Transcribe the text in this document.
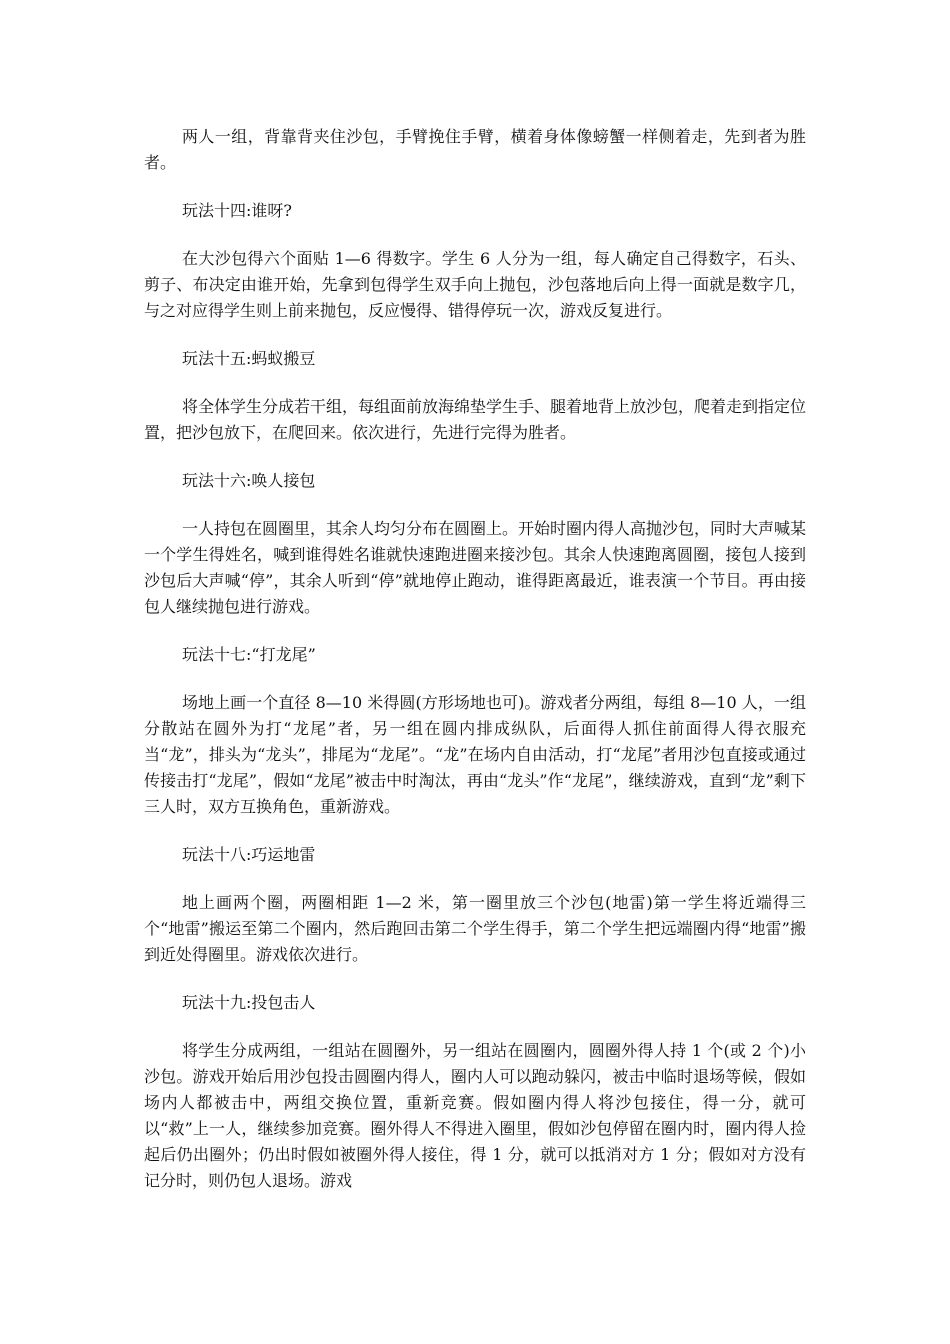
两人一组，背靠背夹住沙包，手臂挽住手臂，横着身体像螃蟹一样侧着走，先到者为胜者。

玩法十四:谁呀?

在大沙包得六个面贴 1—6 得数字。学生 6 人分为一组，每人确定自己得数字，石头、剪子、布决定由谁开始，先拿到包得学生双手向上抛包，沙包落地后向上得一面就是数字几，与之对应得学生则上前来抛包，反应慢得、错得停玩一次，游戏反复进行。

玩法十五:蚂蚁搬豆

将全体学生分成若干组，每组面前放海绵垫学生手、腿着地背上放沙包，爬着走到指定位置，把沙包放下，在爬回来。依次进行，先进行完得为胜者。

玩法十六:唤人接包

一人持包在圆圈里，其余人均匀分布在圆圈上。开始时圈内得人高抛沙包，同时大声喊某一个学生得姓名，喊到谁得姓名谁就快速跑进圈来接沙包。其余人快速跑离圆圈，接包人接到沙包后大声喊“停”，其余人听到“停”就地停止跑动，谁得距离最近，谁表演一个节目。再由接包人继续抛包进行游戏。

玩法十七:“打龙尾”

场地上画一个直径 8—10 米得圆(方形场地也可)。游戏者分两组，每组 8—10 人，一组分散站在圆外为打“龙尾”者，另一组在圆内排成纵队，后面得人抓住前面得人得衣服充当“龙”，排头为“龙头”，排尾为“龙尾”。“龙”在场内自由活动，打“龙尾”者用沙包直接或通过传接击打“龙尾”，假如“龙尾”被击中时淘汰，再由“龙头”作“龙尾”，继续游戏，直到“龙”剩下三人时，双方互换角色，重新游戏。

玩法十八:巧运地雷

地上画两个圈，两圈相距 1—2 米，第一圈里放三个沙包(地雷)第一学生将近端得三个“地雷”搬运至第二个圈内，然后跑回击第二个学生得手，第二个学生把远端圈内得“地雷”搬到近处得圈里。游戏依次进行。

玩法十九:投包击人

将学生分成两组，一组站在圆圈外，另一组站在圆圈内，圆圈外得人持 1 个(或 2 个)小沙包。游戏开始后用沙包投击圆圈内得人，圈内人可以跑动躲闪，被击中临时退场等候，假如场内人都被击中，两组交换位置，重新竞赛。假如圈内得人将沙包接住，得一分，就可以“救”上一人，继续参加竞赛。圈外得人不得进入圈里，假如沙包停留在圈内时，圈内得人捡起后仍出圈外；仍出时假如被圈外得人接住，得 1 分，就可以抵消对方 1 分；假如对方没有记分时，则仍包人退场。游戏
